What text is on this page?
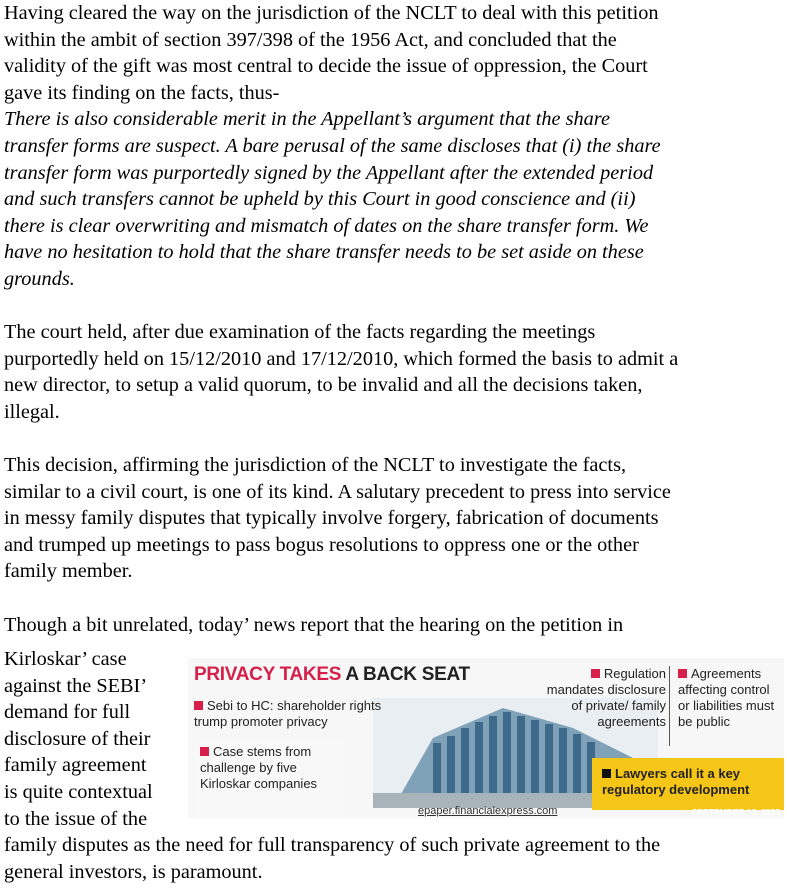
Having cleared the way on the jurisdiction of the NCLT to deal with this petition

within the ambit of section 397/398 of the 1956 Act, and concluded that the

validity of the gift was most central to decide the issue of oppression, the Court

gave its finding on the facts, thus-

There is also considerable merit in the Appellant’s argument that the share

transfer forms are suspect. A bare perusal of the same discloses that (i) the share

transfer form was purportedly signed by the Appellant after the extended period

and such transfers cannot be upheld by this Court in good conscience and (ii)

there is clear overwriting and mismatch of dates on the share transfer form. We

have no hesitation to hold that the share transfer needs to be set aside on these

grounds.

The court held, after due examination of the facts regarding the meetings

purportedly held on 15/12/2010 and 17/12/2010, which formed the basis to admit a

new director, to setup a valid quorum, to be invalid and all the decisions taken,

illegal.

This decision, affirming the jurisdiction of the NCLT to investigate the facts,

similar to a civil court, is one of its kind. A salutary precedent to press into service

in messy family disputes that typically involve forgery, fabrication of documents

and trumped up meetings to pass bogus resolutions to oppress one or the other

family member.

Though a bit unrelated, today’ news report that the hearing on the petition in

Kirloskar’ case

against the SEBI’

demand for full

disclosure of their

family agreement

is quite contextual

to the issue of the

PRIVACY TAKES A BACK SEAT
Sebi to HC: shareholder rights trump promoter privacy
Case stems from challenge by five Kirloskar companies
Regulation mandates disclosure of private/ family agreements
Agreements affecting control or liabilities must be public
Lawyers call it a key regulatory development
epaper.financialexpress.com	SEPTEMBER 13, 2025

family disputes as the need for full transparency of such private agreement to the

general investors, is paramount.
